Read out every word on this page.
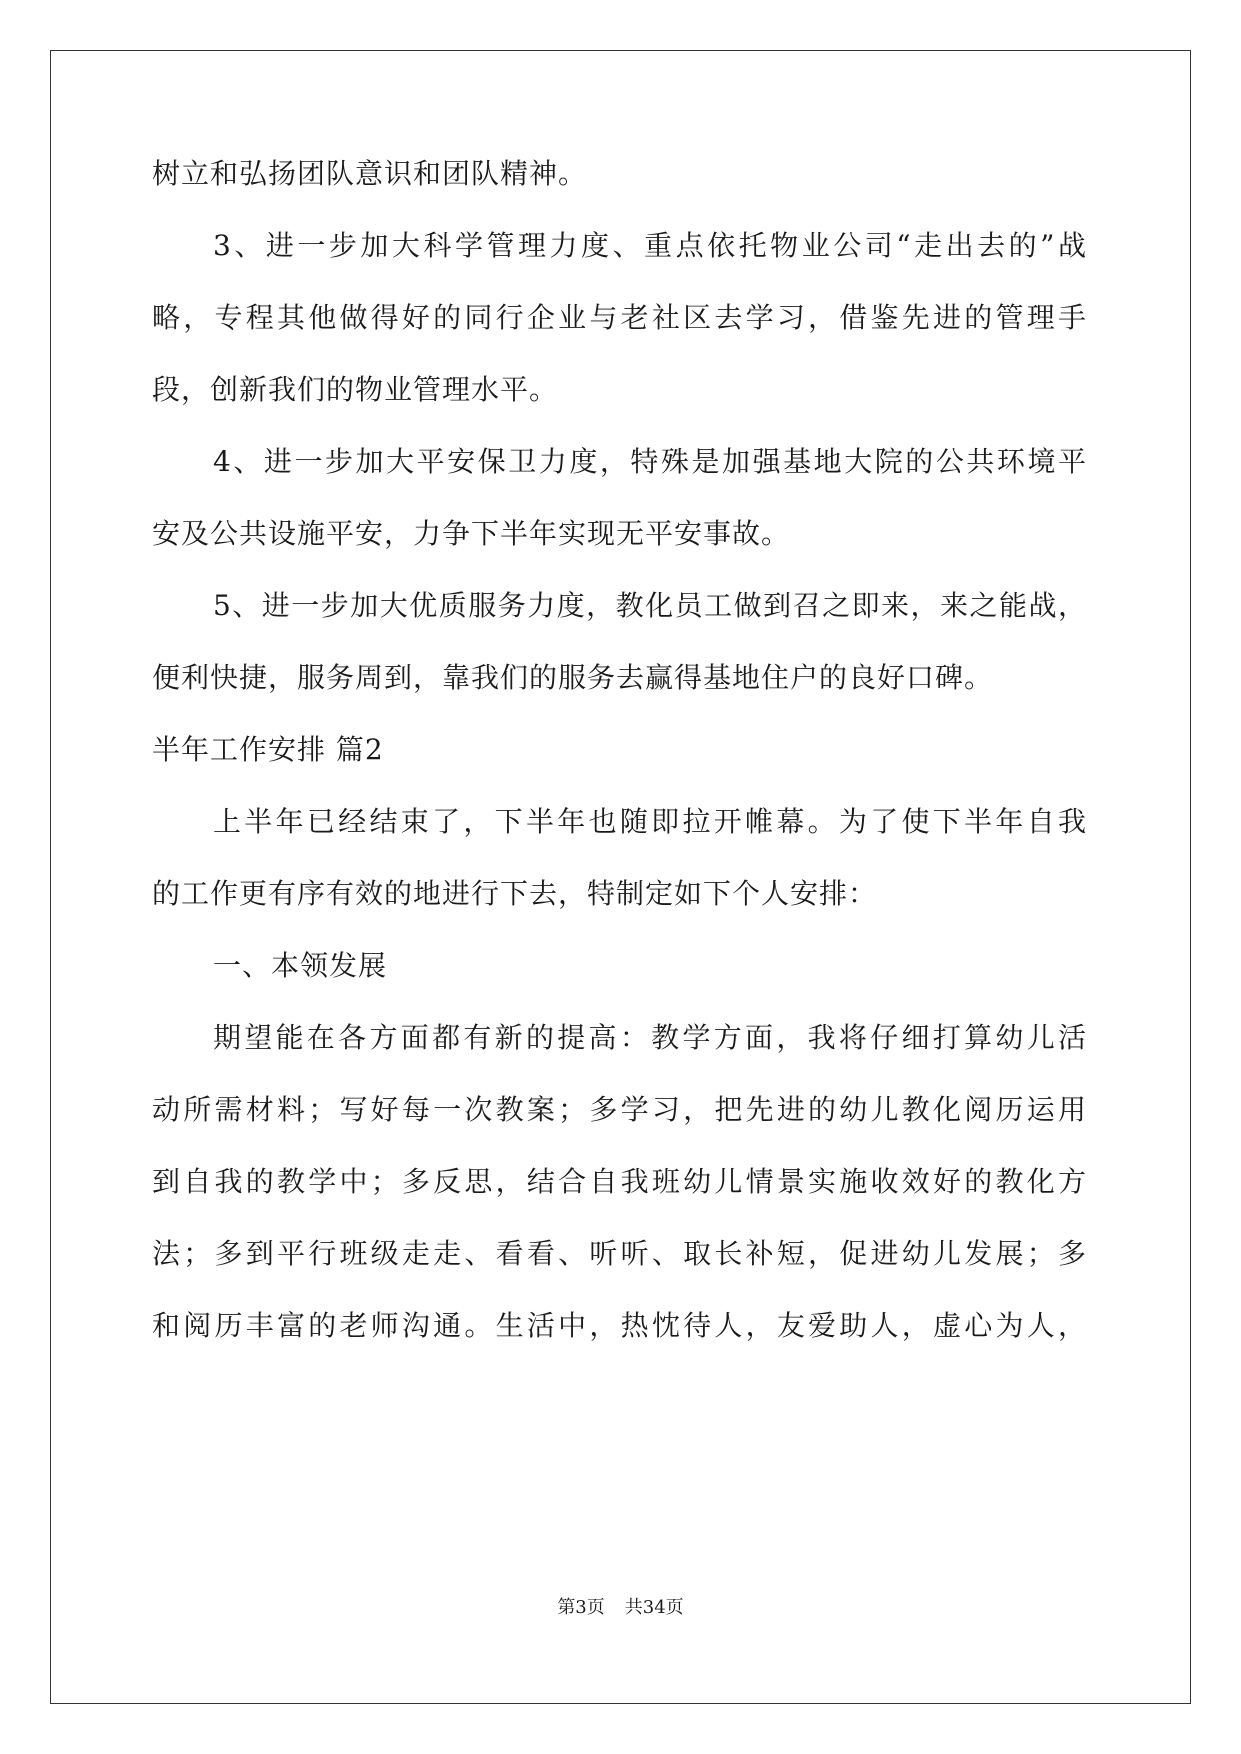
树立和弘扬团队意识和团队精神。
3、进一步加大科学管理力度、重点依托物业公司“走出去的”战
略，专程其他做得好的同行企业与老社区去学习，借鉴先进的管理手
段，创新我们的物业管理水平。
4、进一步加大平安保卫力度，特殊是加强基地大院的公共环境平
安及公共设施平安，力争下半年实现无平安事故。
5、进一步加大优质服务力度，教化员工做到召之即来，来之能战，
便利快捷，服务周到，靠我们的服务去赢得基地住户的良好口碑。
半年工作安排 篇2
上半年已经结束了，下半年也随即拉开帷幕。为了使下半年自我
的工作更有序有效的地进行下去，特制定如下个人安排：
一、本领发展
期望能在各方面都有新的提高：教学方面，我将仔细打算幼儿活
动所需材料；写好每一次教案；多学习，把先进的幼儿教化阅历运用
到自我的教学中；多反思，结合自我班幼儿情景实施收效好的教化方
法；多到平行班级走走、看看、听听、取长补短，促进幼儿发展；多
和阅历丰富的老师沟通。生活中，热忱待人，友爱助人，虚心为人，
第3页 共34页
